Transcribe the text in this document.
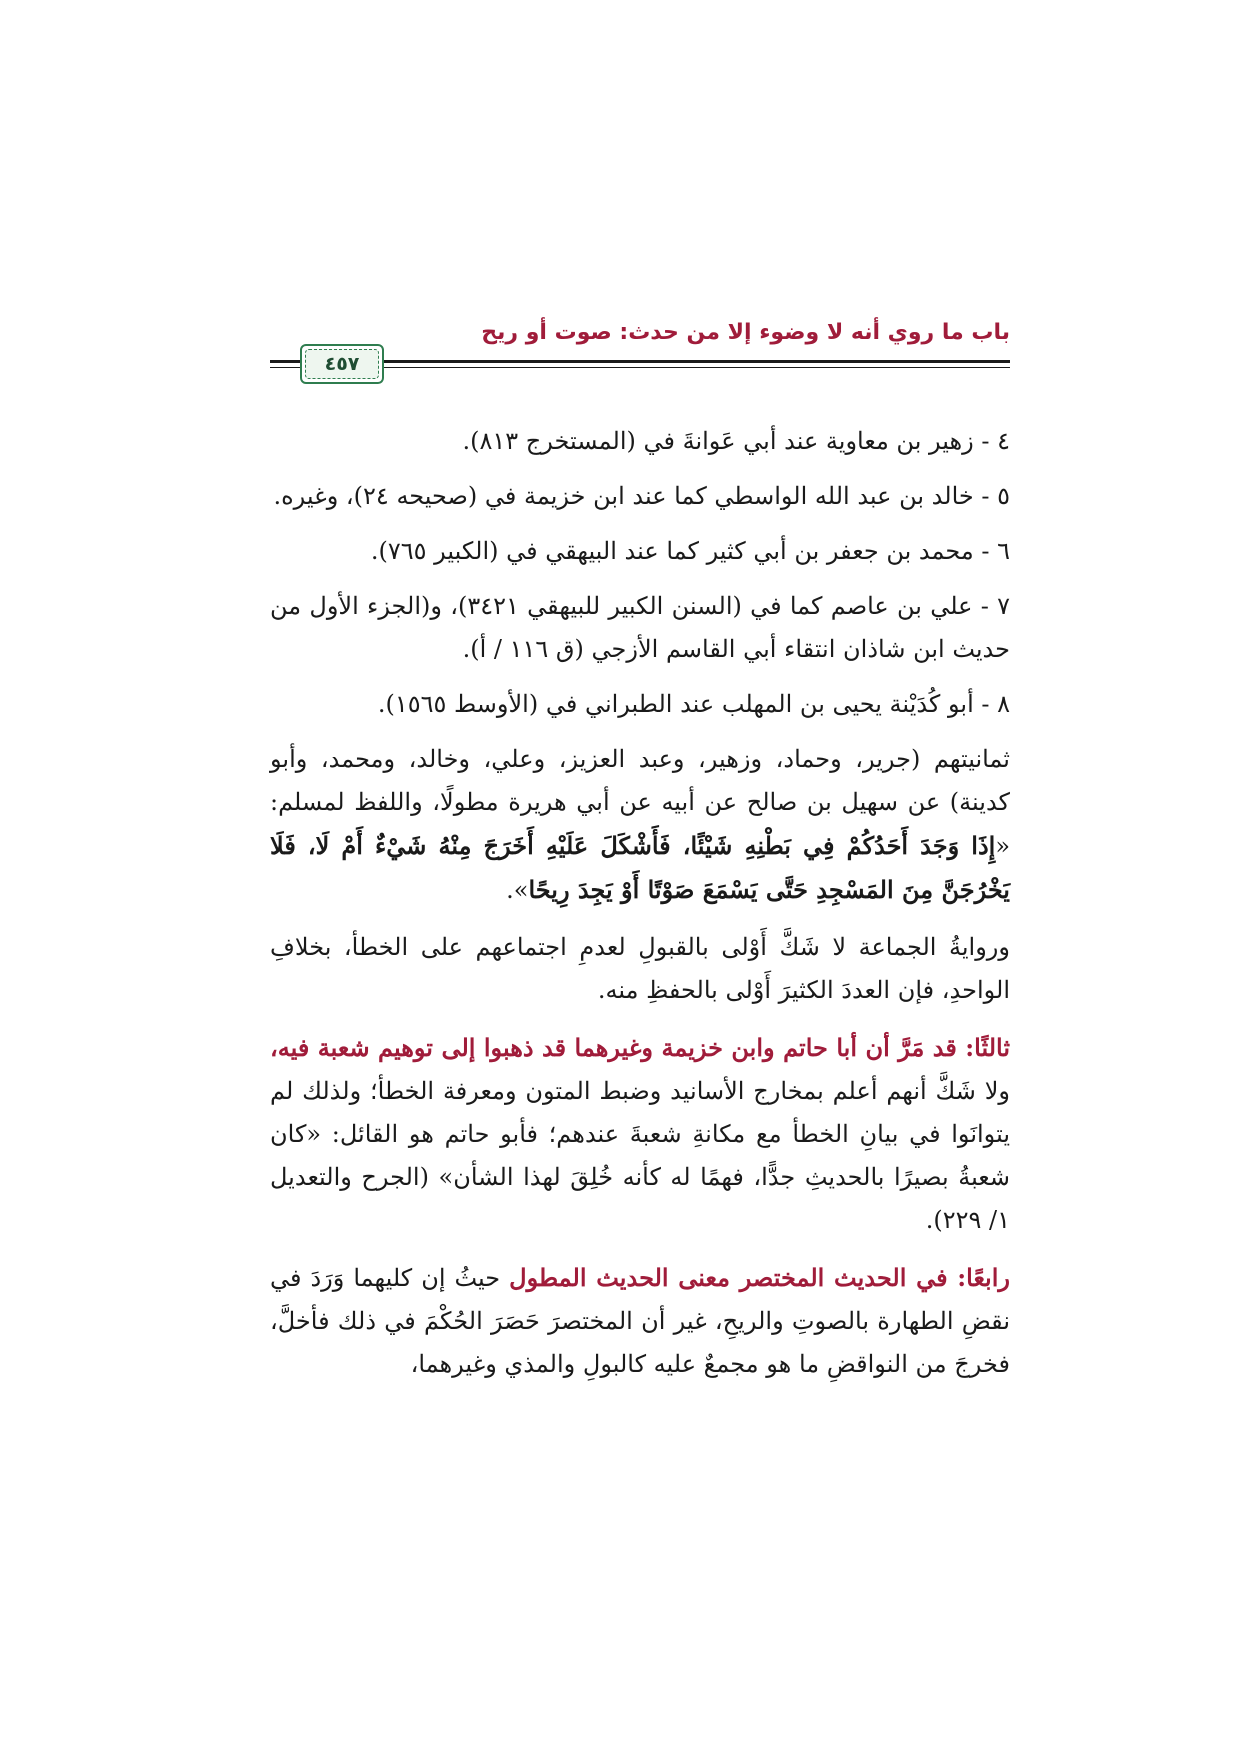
باب ما روي أنه لا وضوء إلا من حدث: صوت أو ريح
٤٥٧

٤ - زهير بن معاوية عند أبي عَوانةَ في (المستخرج ٨١٣).

٥ - خالد بن عبد الله الواسطي كما عند ابن خزيمة في (صحيحه ٢٤)، وغيره.

٦ - محمد بن جعفر بن أبي كثير كما عند البيهقي في (الكبير ٧٦٥).

٧ - علي بن عاصم كما في (السنن الكبير للبيهقي ٣٤٢١)، و(الجزء الأول من حديث ابن شاذان انتقاء أبي القاسم الأزجي (ق ١١٦ / أ).

٨ - أبو كُدَيْنة يحيى بن المهلب عند الطبراني في (الأوسط ١٥٦٥).

ثمانيتهم (جرير، وحماد، وزهير، وعبد العزيز، وعلي، وخالد، ومحمد، وأبو كدينة) عن سهيل بن صالح عن أبيه عن أبي هريرة مطولًا، واللفظ لمسلم: «إِذَا وَجَدَ أَحَدُكُمْ فِي بَطْنِهِ شَيْئًا، فَأَشْكَلَ عَلَيْهِ أَخَرَجَ مِنْهُ شَيْءٌ أَمْ لَا، فَلَا يَخْرُجَنَّ مِنَ المَسْجِدِ حَتَّى يَسْمَعَ صَوْتًا أَوْ يَجِدَ رِيحًا».

وروايةُ الجماعة لا شَكَّ أَوْلى بالقبولِ لعدمِ اجتماعهم على الخطأ، بخلافِ الواحدِ، فإن العددَ الكثيرَ أَوْلى بالحفظِ منه.

ثالثًا: قد مَرَّ أن أبا حاتم وابن خزيمة وغيرهما قد ذهبوا إلى توهيم شعبة فيه، ولا شَكَّ أنهم أعلم بمخارج الأسانيد وضبط المتون ومعرفة الخطأ؛ ولذلك لم يتوانَوا في بيانِ الخطأ مع مكانةِ شعبةَ عندهم؛ فأبو حاتم هو القائل: «كان شعبةُ بصيرًا بالحديثِ جدًّا، فهمًا له كأنه خُلِقَ لهذا الشأن» (الجرح والتعديل ١/ ٢٢٩).

رابعًا: في الحديث المختصر معنى الحديث المطول حيثُ إن كليهما وَرَدَ في نقضِ الطهارة بالصوتِ والريحِ، غير أن المختصرَ حَصَرَ الحُكْمَ في ذلك فأخلَّ، فخرجَ من النواقضِ ما هو مجمعٌ عليه كالبولِ والمذي وغيرهما،
